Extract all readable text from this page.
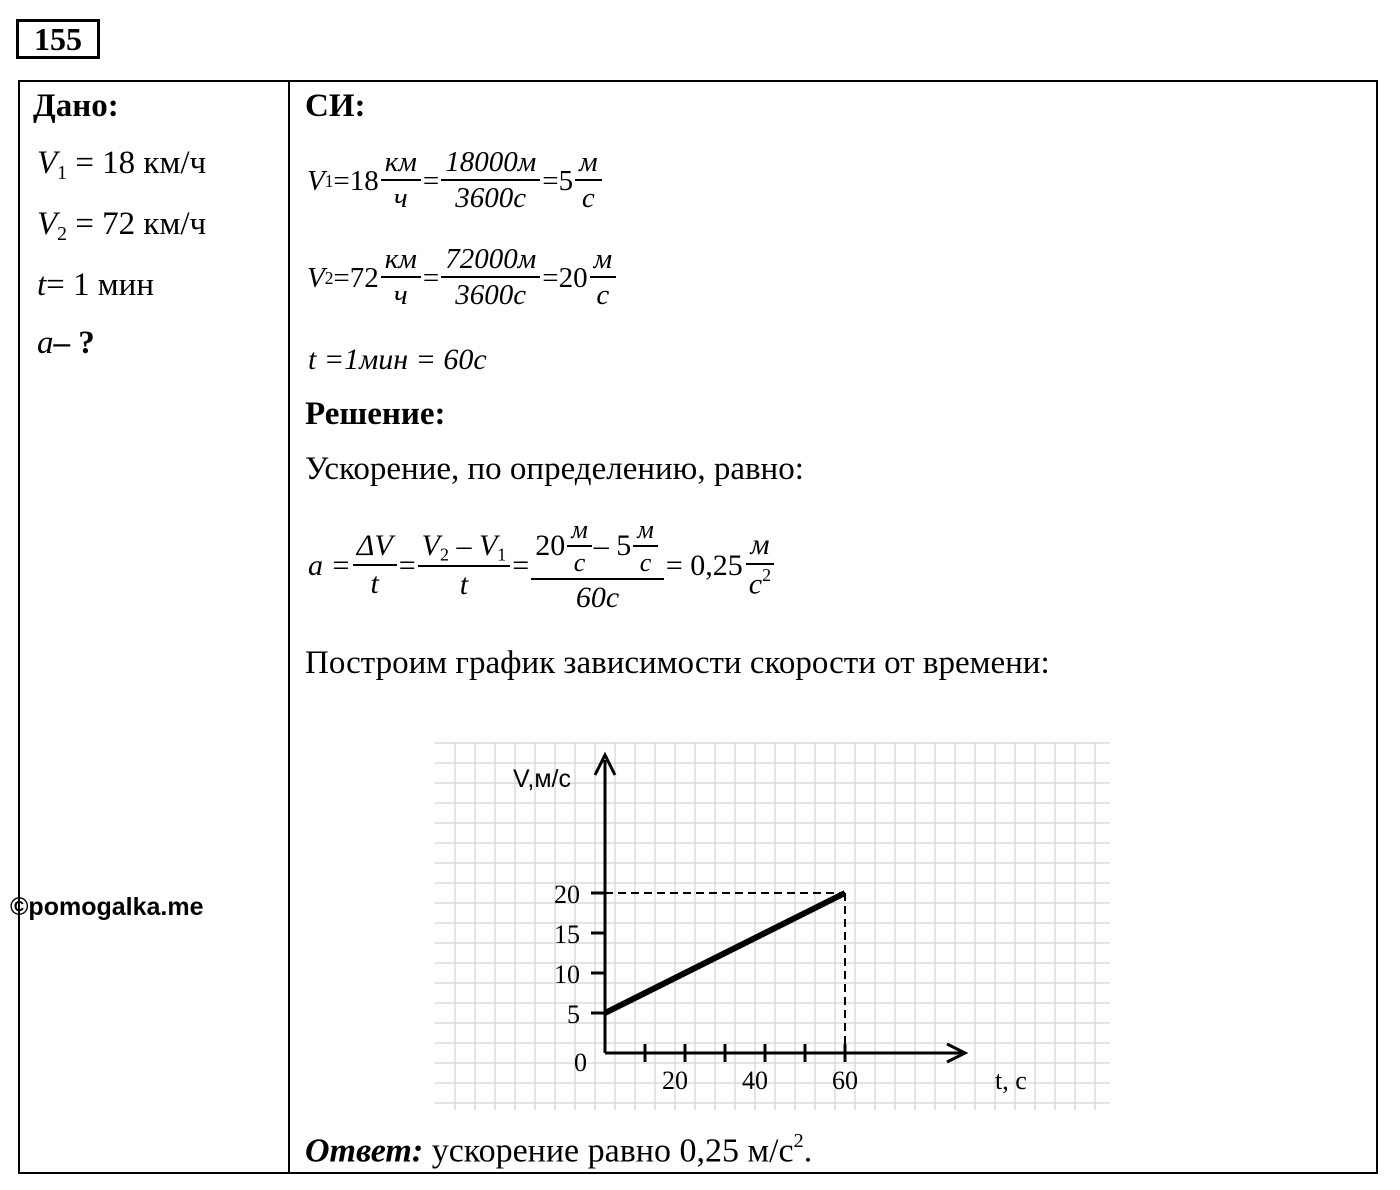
155
Дано:
$V_1 = 18$ км/ч
$V_2 = 72$ км/ч
t= 1 мин
a– ?
СИ:
V $1 =18 \frac{км}{ч} = \frac{18000м}{3600с} =5 \frac{м}{с}$
V $2 =72 \frac{км}{ч} = \frac{72000м}{3600с} =20 \frac{м}{с}$
t =1мин = 60с
Решение:
Ускорение, по определению, равно:
$a = \frac{\Delta V}{t} = \frac{V_2 - V_1}{t} = \frac{20 \frac{м}{с} - 5 \frac{м}{с}}{60с} = 0,25 \frac{м}{с^2}$
Построим график зависимости скорости от времени:
5
10
15
20
20 40 60
0
V,м/с
t, с
Ответ: ускорение равно 0,25 $м/с^2$.
©pomogalka.me
